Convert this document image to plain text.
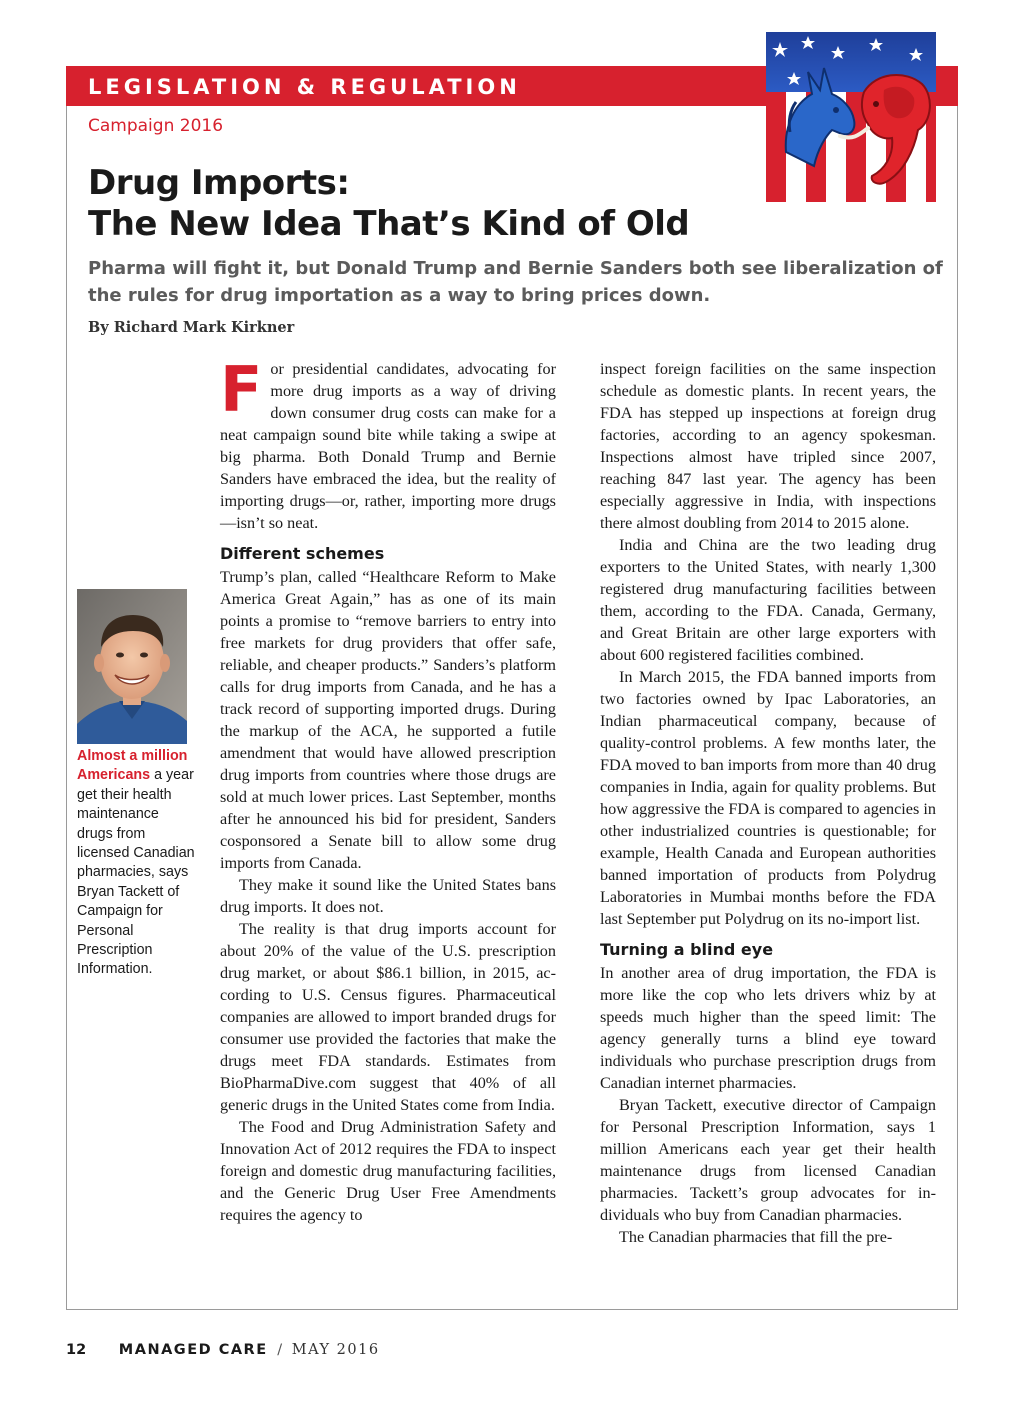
LEGISLATION & REGULATION
Campaign 2016
Drug Imports:
The New Idea That’s Kind of Old
Pharma will fight it, but Donald Trump and Bernie Sanders both see liberalization of the rules for drug importation as a way to bring prices down.
By Richard Mark Kirkner
Almost a million Americans a year get their health maintenance drugs from licensed Canadian pharmacies, says Bryan Tackett of Campaign for Personal Prescription Information.
F or presidential candidates, advocating for more drug imports as a way of driving down consumer drug costs can make for a neat campaign sound bite while taking a swipe at big pharma. Both Donald Trump and Bernie Sanders have embraced the idea, but the reality of importing drugs—or, rather, importing more drugs—isn’t so neat.

Different schemes

Trump’s plan, called “Healthcare Reform to Make America Great Again,” has as one of its main points a promise to “remove barriers to entry into free markets for drug providers that offer safe, reliable, and cheaper products.” Sanders’s platform calls for drug imports from Canada, and he has a track record of supporting imported drugs. During the markup of the ACA, he supported a futile amendment that would have allowed prescription drug imports from countries where those drugs are sold at much lower prices. Last September, months after he announced his bid for president, Sanders cosponsored a Senate bill to allow some drug imports from Canada.

They make it sound like the United States bans drug imports. It does not.

The reality is that drug imports account for about 20% of the value of the U.S. prescription drug market, or about $86.1 billion, in 2015, according to U.S. Census figures. Pharmaceutical companies are allowed to import branded drugs for consumer use provided the factories that make the drugs meet FDA standards. Estimates from BioPharmaDive.com suggest that 40% of all generic drugs in the United States come from India.

The Food and Drug Administration Safety and Innovation Act of 2012 requires the FDA to inspect foreign and domestic drug manufacturing facilities, and the Generic Drug User Free Amendments requires the agency to

inspect foreign facilities on the same inspection schedule as domestic plants. In recent years, the FDA has stepped up inspections at foreign drug factories, according to an agency spokesman. Inspections almost have tripled since 2007, reaching 847 last year. The agency has been especially aggressive in India, with inspections there almost doubling from 2014 to 2015 alone.

India and China are the two leading drug exporters to the United States, with nearly 1,300 registered drug manufacturing facilities between them, according to the FDA. Canada, Germany, and Great Britain are other large exporters with about 600 registered facilities combined.

In March 2015, the FDA banned imports from two factories owned by Ipac Laboratories, an Indian pharmaceutical company, because of quality-control problems. A few months later, the FDA moved to ban imports from more than 40 drug companies in India, again for quality problems. But how aggressive the FDA is compared to agencies in other industrialized countries is questionable; for example, Health Canada and European authorities banned importation of products from Polydrug Laboratories in Mumbai months before the FDA last September put Polydrug on its no-import list.

Turning a blind eye

In another area of drug importation, the FDA is more like the cop who lets drivers whiz by at speeds much higher than the speed limit: The agency generally turns a blind eye toward individuals who purchase prescription drugs from Canadian internet pharmacies.

Bryan Tackett, executive director of Campaign for Personal Prescription Information, says 1 million Americans each year get their health maintenance drugs from licensed Canadian pharmacies. Tackett’s group advocates for individuals who buy from Canadian pharmacies.

The Canadian pharmacies that fill the pre-

12 MANAGED CARE / MAY 2016
